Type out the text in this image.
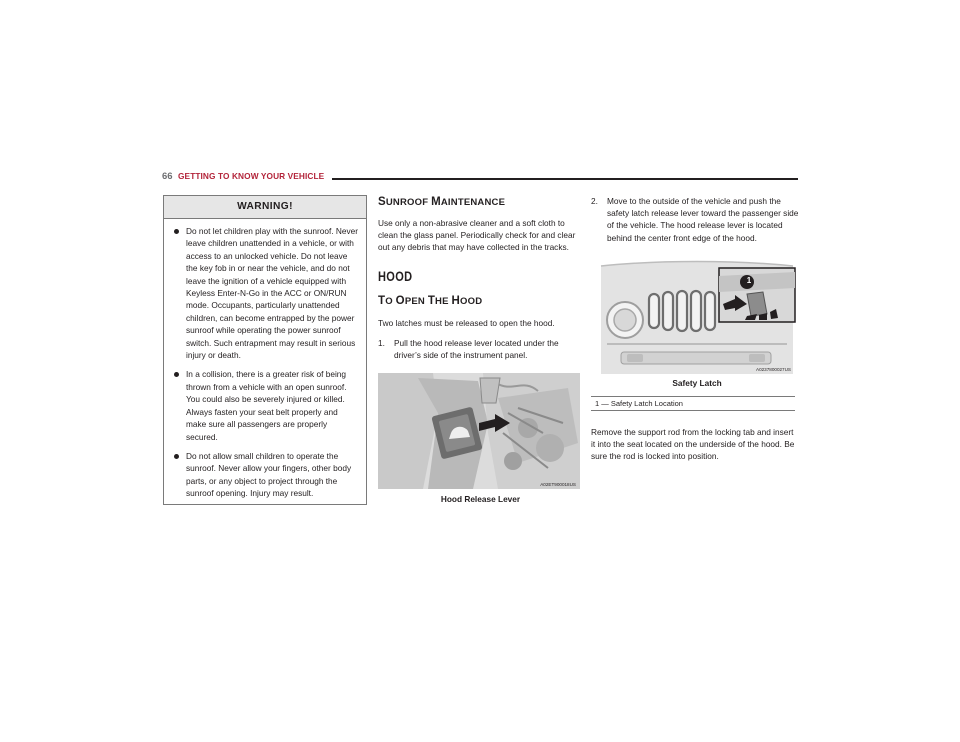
66 GETTING TO KNOW YOUR VEHICLE
WARNING!
Do not let children play with the sunroof. Never leave children unattended in a vehicle, or with access to an unlocked vehicle. Do not leave the key fob in or near the vehicle, and do not leave the ignition of a vehicle equipped with Keyless Enter-N-Go in the ACC or ON/RUN mode. Occupants, particularly unattended children, can become entrapped by the power sunroof while operating the power sunroof switch. Such entrapment may result in serious injury or death.
In a collision, there is a greater risk of being thrown from a vehicle with an open sunroof. You could also be severely injured or killed. Always fasten your seat belt properly and make sure all passengers are properly secured.
Do not allow small children to operate the sunroof. Never allow your fingers, other body parts, or any object to project through the sunroof opening. Injury may result.
SUNROOF MAINTENANCE

Use only a non-abrasive cleaner and a soft cloth to clean the glass panel. Periodically check for and clear out any debris that may have collected in the tracks.

HOOD
TO OPEN THE HOOD

Two latches must be released to open the hood.

1. Pull the hood release lever located under the driver’s side of the instrument panel.
A02ET900018US
Hood Release Lever
2. Move to the outside of the vehicle and push the safety latch release lever toward the passenger side of the vehicle. The hood release lever is located behind the center front edge of the hood.
1
A0237800027US
Safety Latch
1 — Safety Latch Location

Remove the support rod from the locking tab and insert it into the seat located on the underside of the hood. Be sure the rod is locked into position.
